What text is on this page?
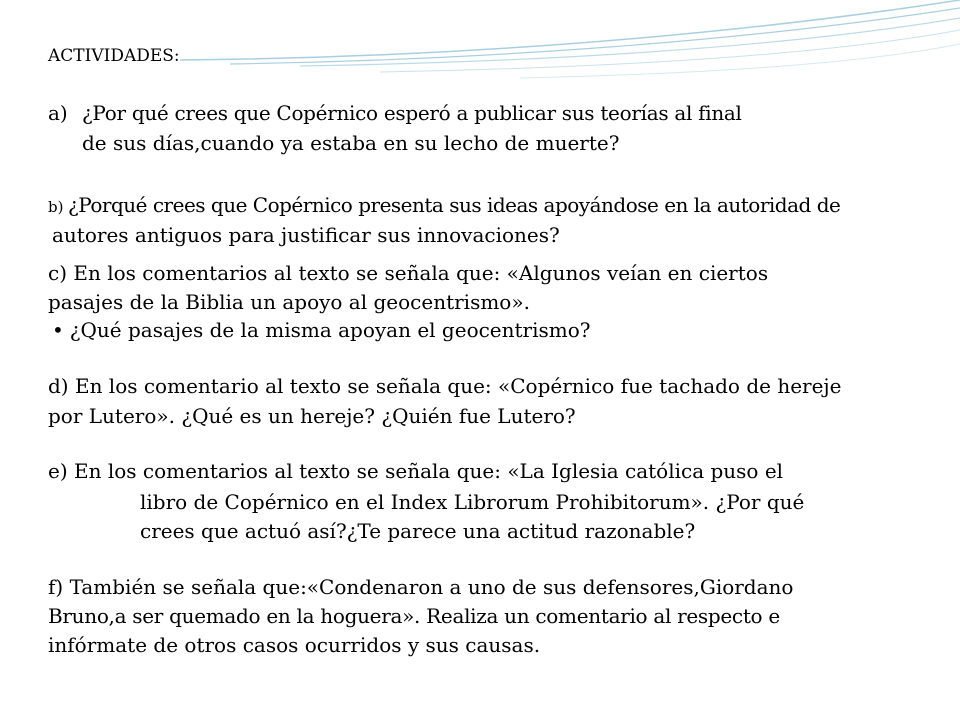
ACTIVIDADES:
a) ¿Por qué crees que Copérnico esperó a publicar sus teorías al final
de sus días,cuando ya estaba en su lecho de muerte?
b) ¿Porqué crees que Copérnico presenta sus ideas apoyándose en la autoridad de
autores antiguos para justificar sus innovaciones?
c) En los comentarios al texto se señala que: «Algunos veían en ciertos
pasajes de la Biblia un apoyo al geocentrismo».
• ¿Qué pasajes de la misma apoyan el geocentrismo?
d) En los comentario al texto se señala que: «Copérnico fue tachado de hereje
por Lutero». ¿Qué es un hereje? ¿Quién fue Lutero?
e) En los comentarios al texto se señala que: «La Iglesia católica puso el
libro de Copérnico en el Index Librorum Prohibitorum». ¿Por qué
crees que actuó así?¿Te parece una actitud razonable?
f) También se señala que:«Condenaron a uno de sus defensores,Giordano
Bruno,a ser quemado en la hoguera». Realiza un comentario al respecto e
infórmate de otros casos ocurridos y sus causas.
